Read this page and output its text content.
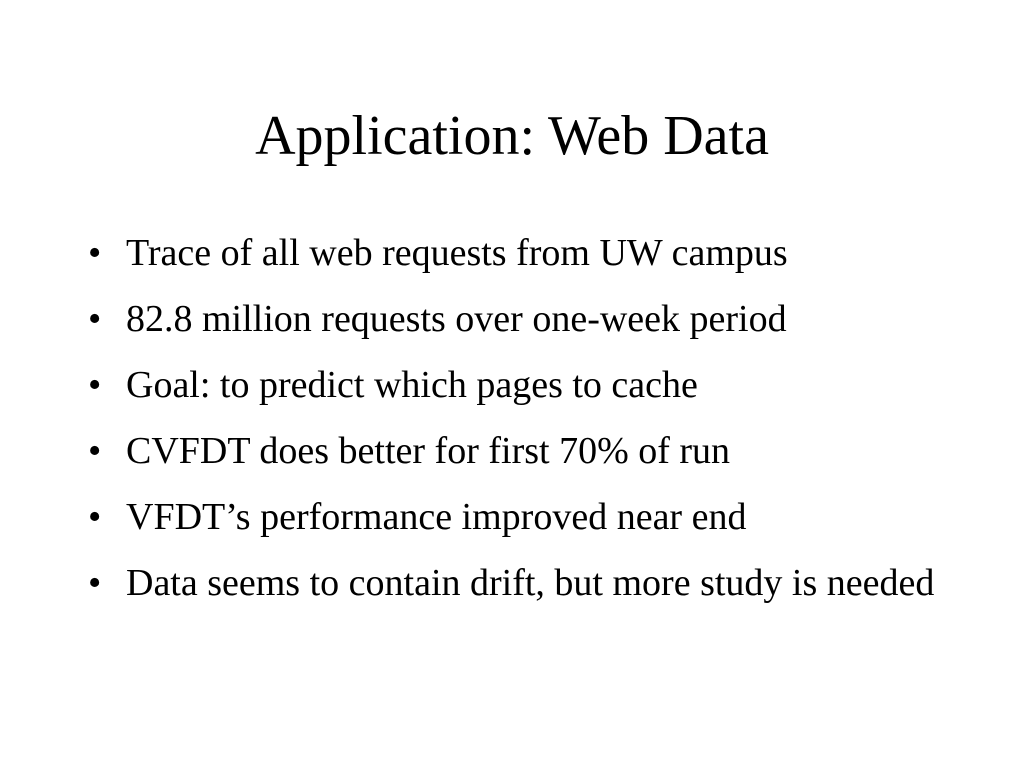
Application: Web Data
• Trace of all web requests from UW campus
• 82.8 million requests over one-week period
• Goal: to predict which pages to cache
• CVFDT does better for first 70% of run
• VFDT’s performance improved near end
• Data seems to contain drift, but more study is needed
